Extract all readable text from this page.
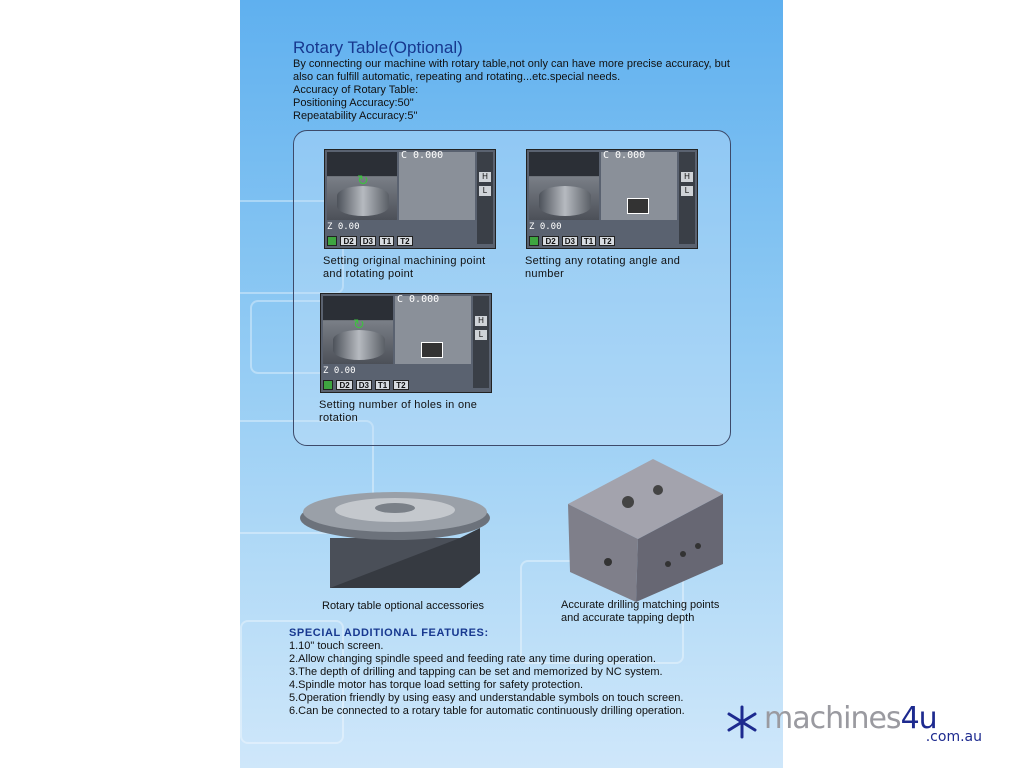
Rotary Table(Optional)
By connecting our machine with rotary table,not only can have more precise accuracy, but
also can fulfill automatic, repeating and rotating...etc.special needs.
Accuracy of Rotary Table:
Positioning Accuracy:50"
Repeatability Accuracy:5"
↻
C 0.000
H
L
Z 0.00

D2	D3	T1	T2
Setting original machining point
and rotating point
C 0.000
H
L
Z 0.00

D2	D3	T1	T2
Setting any rotating angle and
number
↻
C 0.000
H
L
Z 0.00

D2	D3	T1	T2
Setting number of holes in one
rotation
Rotary table optional accessories	Accurate drilling matching points
and accurate tapping depth
SPECIAL ADDITIONAL FEATURES:
1.10" touch screen.
2.Allow changing spindle speed and feeding rate any time during operation.
3.The depth of drilling and tapping can be set and memorized by NC system.
4.Spindle motor has torque load setting for safety protection.
5.Operation friendly by using easy and understandable symbols on touch screen.
6.Can be connected to a rotary table for automatic continuously drilling operation.	machines4u
.com.au
